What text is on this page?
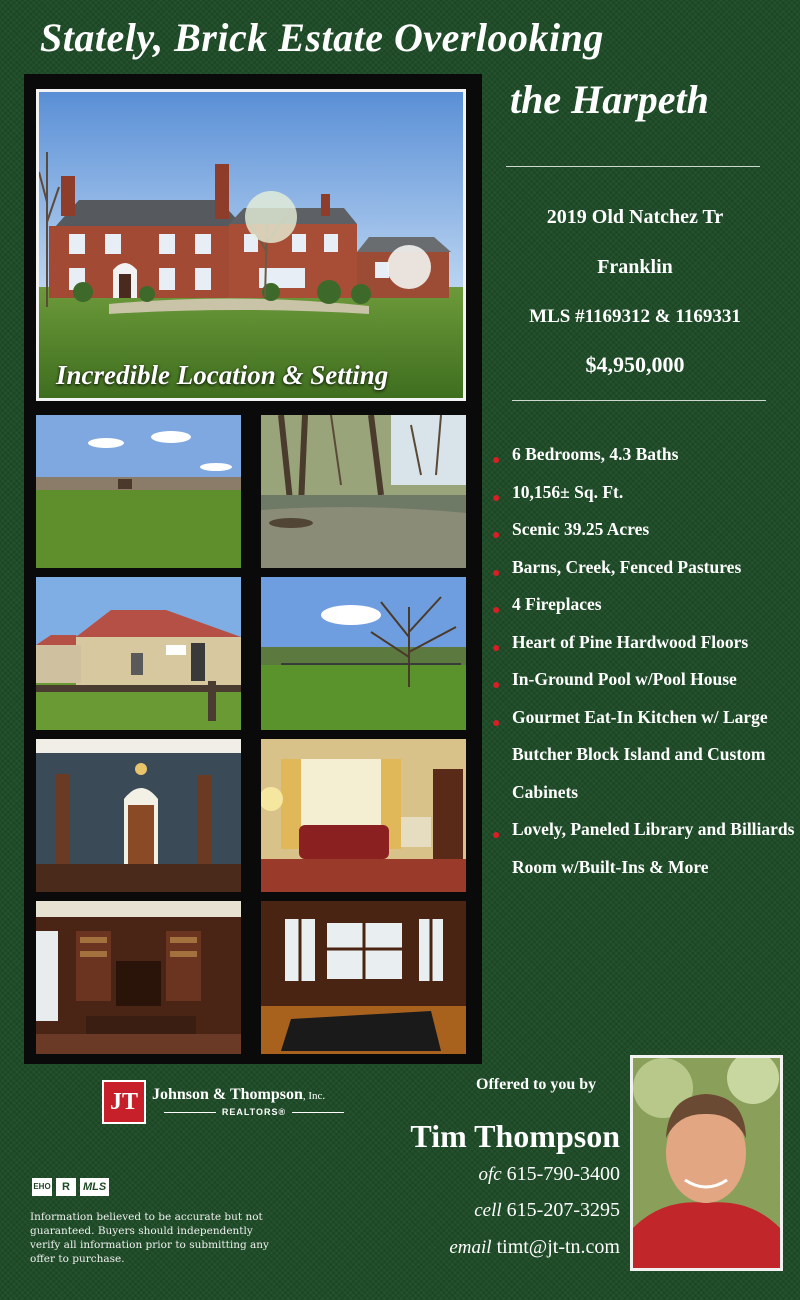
Stately, Brick Estate Overlooking
the Harpeth
2019 Old Natchez Tr
Franklin
MLS #1169312 & 1169331
$4,950,000
Incredible Location & Setting
● 6 Bedrooms, 4.3 Baths
● 10,156± Sq. Ft.
● Scenic 39.25 Acres
● Barns, Creek, Fenced Pastures
● 4 Fireplaces
● Heart of Pine Hardwood Floors
● In-Ground Pool w/Pool House
● Gourmet Eat-In Kitchen w/ Large Butcher Block Island and Custom Cabinets
● Lovely, Paneled Library and Billiards Room w/Built-Ins & More
JT Johnson & Thompson, Inc.
REALTORS®
Offered to you by
Tim Thompson
ofc 615-790-3400
cell 615-207-3295
email timt@jt-tn.com
EHO	R	MLS
Information believed to be accurate but not guaranteed. Buyers should independently verify all information prior to submitting any offer to purchase.
